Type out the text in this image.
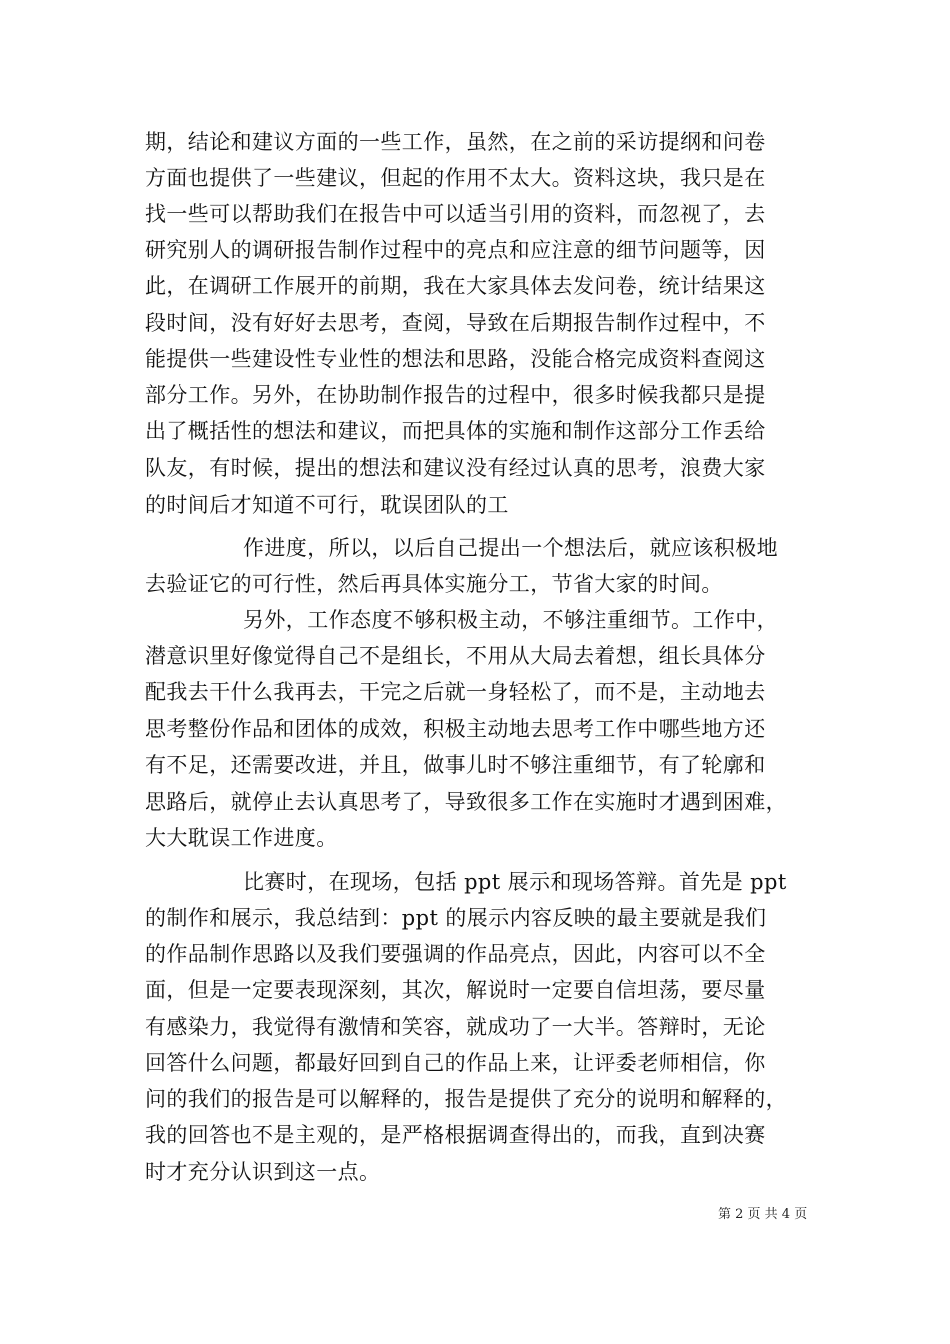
期，结论和建议方面的一些工作，虽然，在之前的采访提纲和问卷
方面也提供了一些建议，但起的作用不太大。资料这块，我只是在
找一些可以帮助我们在报告中可以适当引用的资料，而忽视了，去
研究别人的调研报告制作过程中的亮点和应注意的细节问题等，因
此，在调研工作展开的前期，我在大家具体去发问卷，统计结果这
段时间，没有好好去思考，查阅，导致在后期报告制作过程中，不
能提供一些建设性专业性的想法和思路，没能合格完成资料查阅这
部分工作。另外，在协助制作报告的过程中，很多时候我都只是提
出了概括性的想法和建议，而把具体的实施和制作这部分工作丢给
队友，有时候，提出的想法和建议没有经过认真的思考，浪费大家
的时间后才知道不可行，耽误团队的工
作进度，所以，以后自己提出一个想法后，就应该积极地
去验证它的可行性，然后再具体实施分工，节省大家的时间。
另外，工作态度不够积极主动，不够注重细节。工作中，
潜意识里好像觉得自己不是组长，不用从大局去着想，组长具体分
配我去干什么我再去，干完之后就一身轻松了，而不是，主动地去
思考整份作品和团体的成效，积极主动地去思考工作中哪些地方还
有不足，还需要改进，并且，做事儿时不够注重细节，有了轮廓和
思路后，就停止去认真思考了，导致很多工作在实施时才遇到困难，
大大耽误工作进度。
比赛时，在现场，包括 ppt 展示和现场答辩。首先是 ppt
的制作和展示，我总结到：ppt 的展示内容反映的最主要就是我们
的作品制作思路以及我们要强调的作品亮点，因此，内容可以不全
面，但是一定要表现深刻，其次，解说时一定要自信坦荡，要尽量
有感染力，我觉得有激情和笑容，就成功了一大半。答辩时，无论
回答什么问题，都最好回到自己的作品上来，让评委老师相信，你
问的我们的报告是可以解释的，报告是提供了充分的说明和解释的，
我的回答也不是主观的，是严格根据调查得出的，而我，直到决赛
时才充分认识到这一点。
第 2 页 共 4 页
